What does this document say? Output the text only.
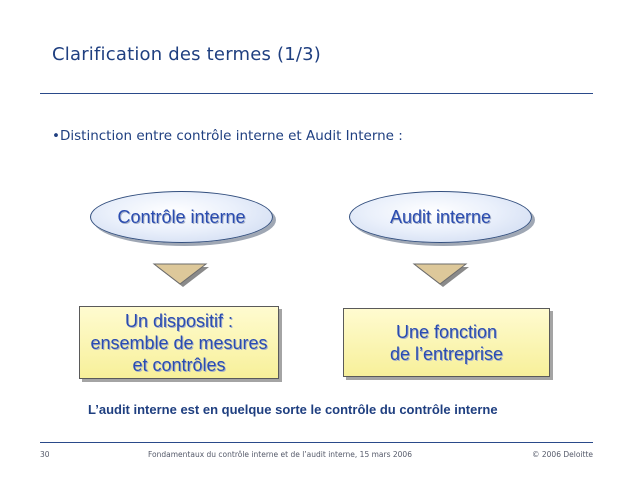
Clarification des termes (1/3)
•Distinction entre contrôle interne et Audit Interne :
Contrôle interne	Audit interne
Un dispositif :
ensemble de mesures
et contrôles
Une fonction
de l’entreprise
L’audit interne est en quelque sorte le contrôle du contrôle interne
30	Fondamentaux du contrôle interne et de l’audit interne, 15 mars 2006	© 2006 Deloitte
